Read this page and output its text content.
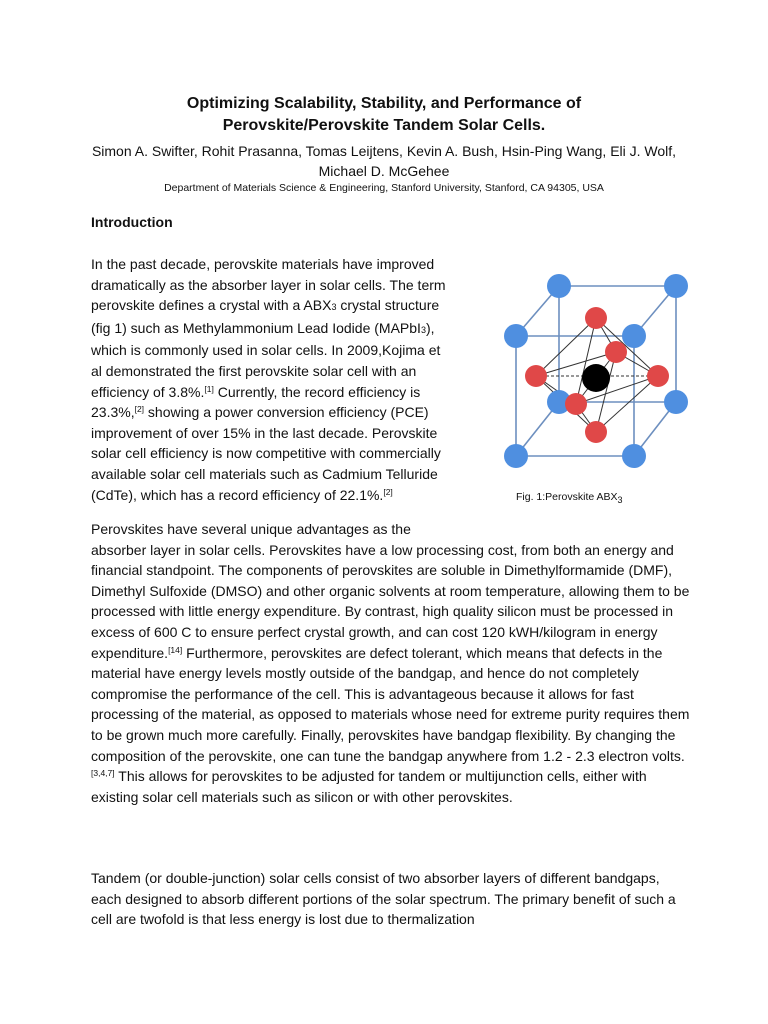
Optimizing Scalability, Stability, and Performance of
Perovskite/Perovskite Tandem Solar Cells.
Simon A. Swifter, Rohit Prasanna, Tomas Leijtens, Kevin A. Bush, Hsin-Ping Wang, Eli J. Wolf, Michael D. McGehee
Department of Materials Science & Engineering, Stanford University, Stanford, CA 94305, USA
Introduction

In the past decade, perovskite materials have improved dramatically as the absorber layer in solar cells. The term perovskite defines a crystal with a ABX3 crystal structure (fig 1) such as Methylammonium Lead Iodide (MAPbI3), which is commonly used in solar cells. In 2009,Kojima et al demonstrated the first perovskite solar cell with an efficiency of 3.8%.[1] Currently, the record efficiency is 23.3%,[2] showing a power conversion efficiency (PCE) improvement of over 15% in the last decade. Perovskite solar cell efficiency is now competitive with commercially available solar cell materials such as Cadmium Telluride (CdTe), which has a record efficiency of 22.1%.[2]	Fig. 1:Perovskite $ABX_3$

Perovskites have several unique advantages as the
absorber layer in solar cells. Perovskites have a low processing cost, from both an energy and financial standpoint. The components of perovskites are soluble in Dimethylformamide (DMF), Dimethyl Sulfoxide (DMSO) and other organic solvents at room temperature, allowing them to be processed with little energy expenditure. By contrast, high quality silicon must be processed in excess of 600 C to ensure perfect crystal growth, and can cost 120 kWH/kilogram in energy expenditure.[14] Furthermore, perovskites are defect tolerant, which means that defects in the material have energy levels mostly outside of the bandgap, and hence do not completely compromise the performance of the cell. This is advantageous because it allows for fast processing of the material, as opposed to materials whose need for extreme purity requires them to be grown much more carefully. Finally, perovskites have bandgap flexibility. By changing the composition of the perovskite, one can tune the bandgap anywhere from 1.2 - 2.3 electron volts.[3,4,7] This allows for perovskites to be adjusted for tandem or multijunction cells, either with existing solar cell materials such as silicon or with other perovskites.

Tandem (or double-junction) solar cells consist of two absorber layers of different bandgaps, each designed to absorb different portions of the solar spectrum. The primary benefit of such a cell are twofold is that less energy is lost due to thermalization
